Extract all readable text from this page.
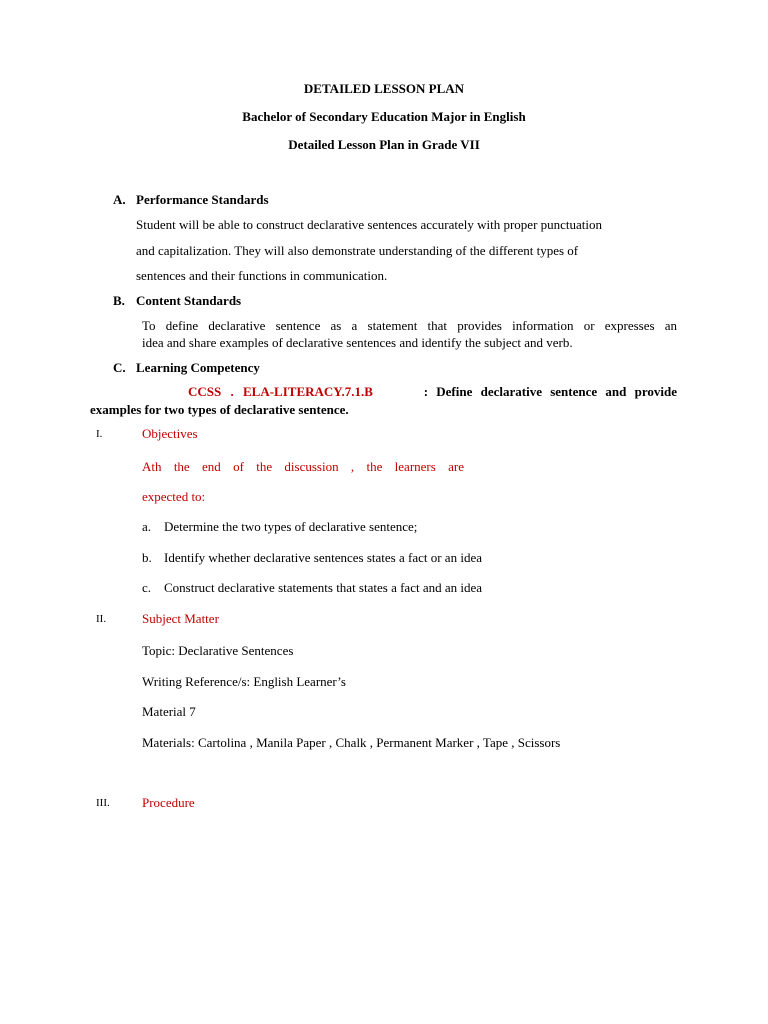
DETAILED LESSON PLAN
Bachelor of Secondary Education Major in English
Detailed Lesson Plan in Grade VII
A. Performance Standards
Student will be able to construct declarative sentences accurately with proper punctuation
and capitalization. They will also demonstrate understanding of the different types of
sentences and their functions in communication.
B. Content Standards
To define declarative sentence as a statement that provides information or expresses an
idea and share examples of declarative sentences and identify the subject and verb.
C. Learning Competency
CCSS . ELA-LITERACY.7.1.B	: Define declarative sentence and provide
examples for two types of declarative sentence.
I.	Objectives
Ath the end of the discussion , the learners are
expected to:
a. Determine the two types of declarative sentence;
b. Identify whether declarative sentences states a fact or an idea
c. Construct declarative statements that states a fact and an idea
II.	Subject Matter
Topic: Declarative Sentences
Writing Reference/s: English Learner’s
Material 7
Materials: Cartolina , Manila Paper , Chalk , Permanent Marker , Tape , Scissors
III. Procedure
